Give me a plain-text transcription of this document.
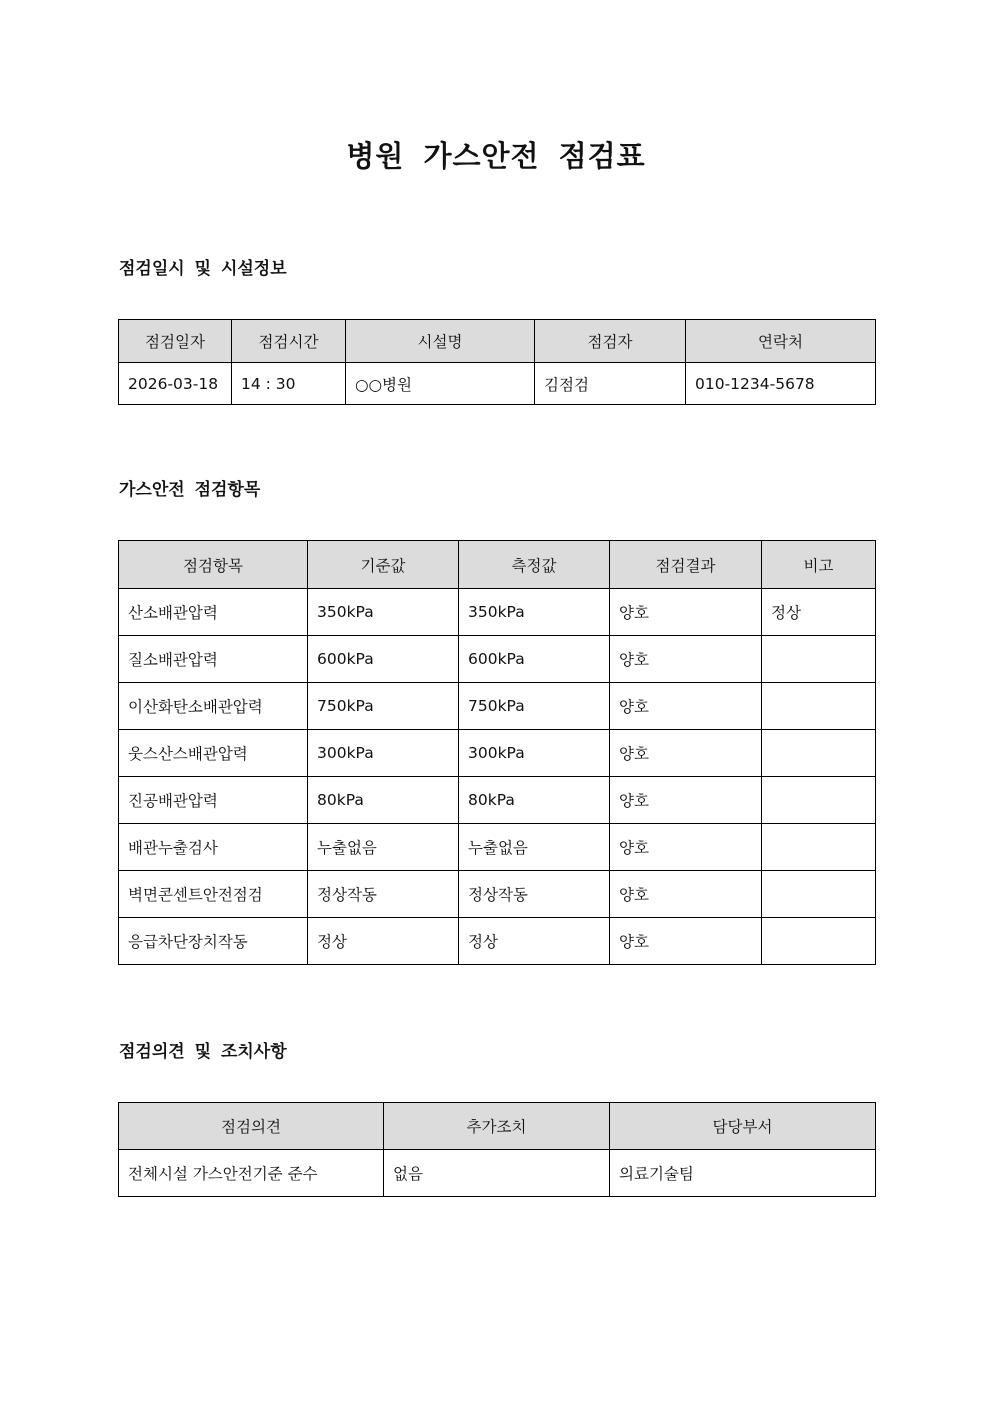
병원 가스안전 점검표
점검일시 및 시설정보
점검일자	점검시간	시설명	점검자	연락처
2026-03-18	14 : 30	○○병원	김점검	010-1234-5678
가스안전 점검항목
점검항목	기준값	측정값	점검결과	비고
산소배관압력	350kPa	350kPa	양호	정상
질소배관압력	600kPa	600kPa	양호	
이산화탄소배관압력	750kPa	750kPa	양호	
웃스산스배관압력	300kPa	300kPa	양호	
진공배관압력	80kPa	80kPa	양호	
배관누출검사	누출없음	누출없음	양호	
벽면콘센트안전점검	정상작동	정상작동	양호	
응급차단장치작동	정상	정상	양호	
점검의견 및 조치사항
점검의견	추가조치	담당부서
전체시설 가스안전기준 준수	없음	의료기술팀
